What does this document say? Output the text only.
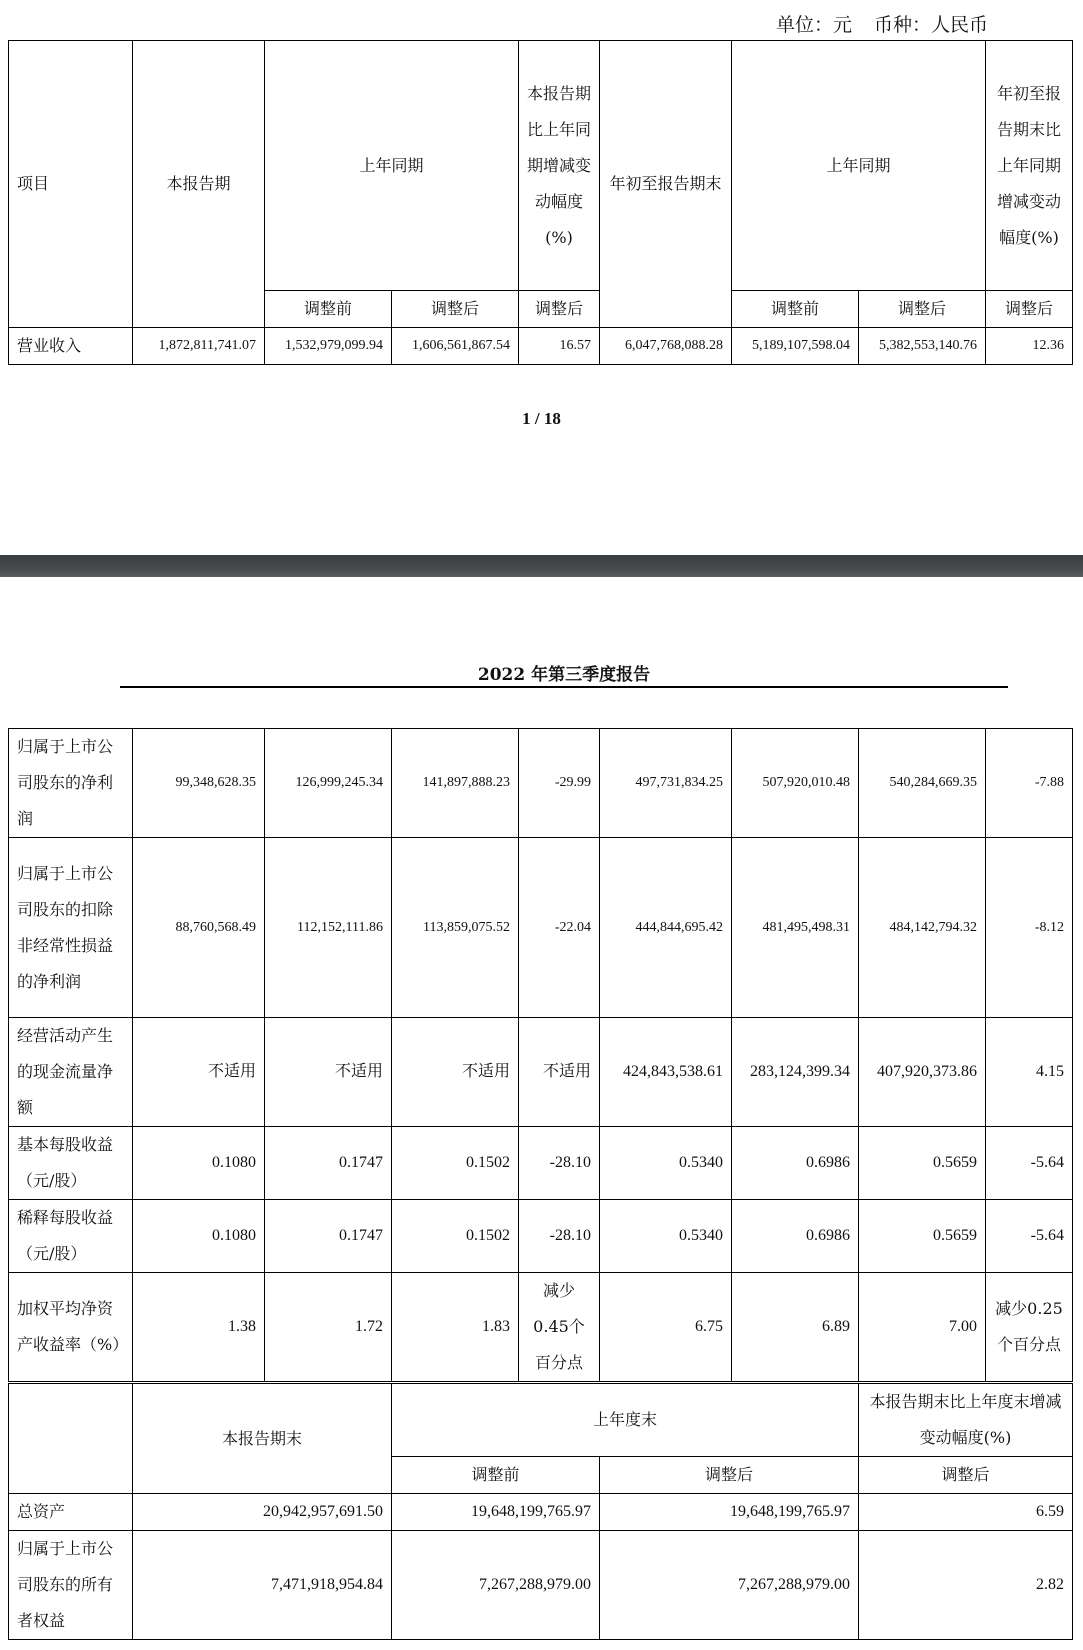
单位：元 币种：人民币
项目	本报告期	上年同期		本报告期比上年同期增减变动幅度(%)	年初至报告期末	上年同期		年初至报告期末比上年同期增减变动幅度(%)
		调整前	调整后	调整后		调整前	调整后	调整后
营业收入	1,872,811,741.07	1,532,979,099.94	1,606,561,867.54	16.57	6,047,768,088.28	5,189,107,598.04	5,382,553,140.76	12.36
1 / 18
2022 年第三季度报告
归属于上市公司股东的净利润	99,348,628.35	126,999,245.34	141,897,888.23	-29.99	497,731,834.25	507,920,010.48	540,284,669.35	-7.88
归属于上市公司股东的扣除非经常性损益的净利润	88,760,568.49	112,152,111.86	113,859,075.52	-22.04	444,844,695.42	481,495,498.31	484,142,794.32	-8.12
经营活动产生的现金流量净额	不适用	不适用	不适用	不适用	424,843,538.61	283,124,399.34	407,920,373.86	4.15
基本每股收益（元/股）	0.1080	0.1747	0.1502	-28.10	0.5340	0.6986	0.5659	-5.64
稀释每股收益（元/股）	0.1080	0.1747	0.1502	-28.10	0.5340	0.6986	0.5659	-5.64
加权平均净资产收益率（%）	1.38	1.72	1.83	减少0.45个百分点	6.75	6.89	7.00	减少0.25个百分点
	本报告期末	上年度末		本报告期末比上年度末增减变动幅度(%)
		调整前	调整后	调整后
总资产	20,942,957,691.50	19,648,199,765.97	19,648,199,765.97	6.59
归属于上市公司股东的所有者权益	7,471,918,954.84	7,267,288,979.00	7,267,288,979.00	2.82
